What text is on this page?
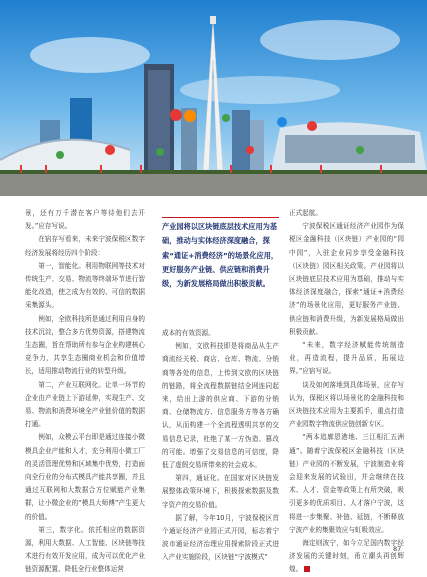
景，还有万千潜在客户等待他们去开发。”应存写说。

在宿存写看来，未来宁波保税区数字经济发展将经历四个阶段：

第一，智能化。利用物联网等技术对传统生产、交易、物流等终端环节进行智能化改造，使之成为有效的、可信的数据采集源头。

例如，全欧科技所是通过利用自身的技术沉淀，整合多方优势资源，搭建物流生态圈，旨在帮助所有参与企业构建核心竞争力，共享生态圈商业机会和价值增长，适用推动物流行业的转型升级。

第二，产业互联网化。让单一环节的企业由产业链上下游延伸，实现生产、交易、物流和消费环境全产业链价值的数据打通。

例如，众模云平台即是通过连接小微模具企业产能和人才，充分利用小微工厂的灵活管理优势和区域集中优势，打造面向全行业的分布式模具产能共享圈，并且通过互联网和大数据合方位赋能产业集群，让小微企业的“模具大师傅”产生更大的价值。

第三，数字化。依托相应的数据资源，利用大数据、人工智能、区块链等技术进行有效开发应用，成为可以优化产业链资源配置、降低全行业整体运营

产业园将以区块链底层技术应用为基础，推动与实体经济深度融合，探索“通证+消费经济”的场景化应用，更好服务产业链、供应链和消费升级，为新发展格局做出积极贡献。

成本的有效资源。

例如，文欧科技即是将商品从生产商流经关税、商店、仓库、物流、分销商等各处的信息，上传到文欧的区块链的链路，将全流程数据链结全网连同起来，给出上游的供应商、下游的分销商、仓储物流方、信息服务方等各方确认，从而构建一个全流程透明共享的交易信息记录，杜绝了某一方伪造、篡改的可能。增强了交易信息的可信度，降低了虚假交易所带来的社会成本。

第四，通证化。在国家对区块链发展整体政策环境下，积极探索数据及数字资产的交易价值。

据了解，今年10月，宁波保税区首个通证经济产业园正式开园，标志着宁波市通证经济治理应用探索阶段正式进入产业实施阶段，区块链“宁波模式”

正式起航。

宁波保税区通证经济产业园作为保税区金融科技（区块链）产业园的“园中园”，入驻企业同步享受金融科技（区块链）园区相关政策。产业园将以区块链底层技术应用为基础，推动与实体经济深度融合，探索“通证+消费经济”的场景化应用，更好服务产业链、供应链和消费升级，为新发展格局做出积极贡献。

“未来，数字经济赋能传统制造业，再造流程，提升品质，拓展边界。”应宿写说。

谈及如何落地到具体场景，应存写认为，保税区将以场景化的金融科技和区块链技术应用为主要抓手，重点打造产业园数字物流供应链创新专区。

“两本追廓恩港地、三江相汇五洲通”。随着宁波保税区金融科技（区块链）产业园的不断发展，宁波制造业将会迎来发展的试验田，并会继续在技术、人才、资金等政策上有所突破，吸引更多的优质项目、人才落户宁波，这将进一步集聚、补链、延链，不断释放宁波产业的集聚效应与虹吸效应。

海定则波宁，如今立足国内数字经济发展的关键时刻，甬立潮头再创辉煌。	新

87
